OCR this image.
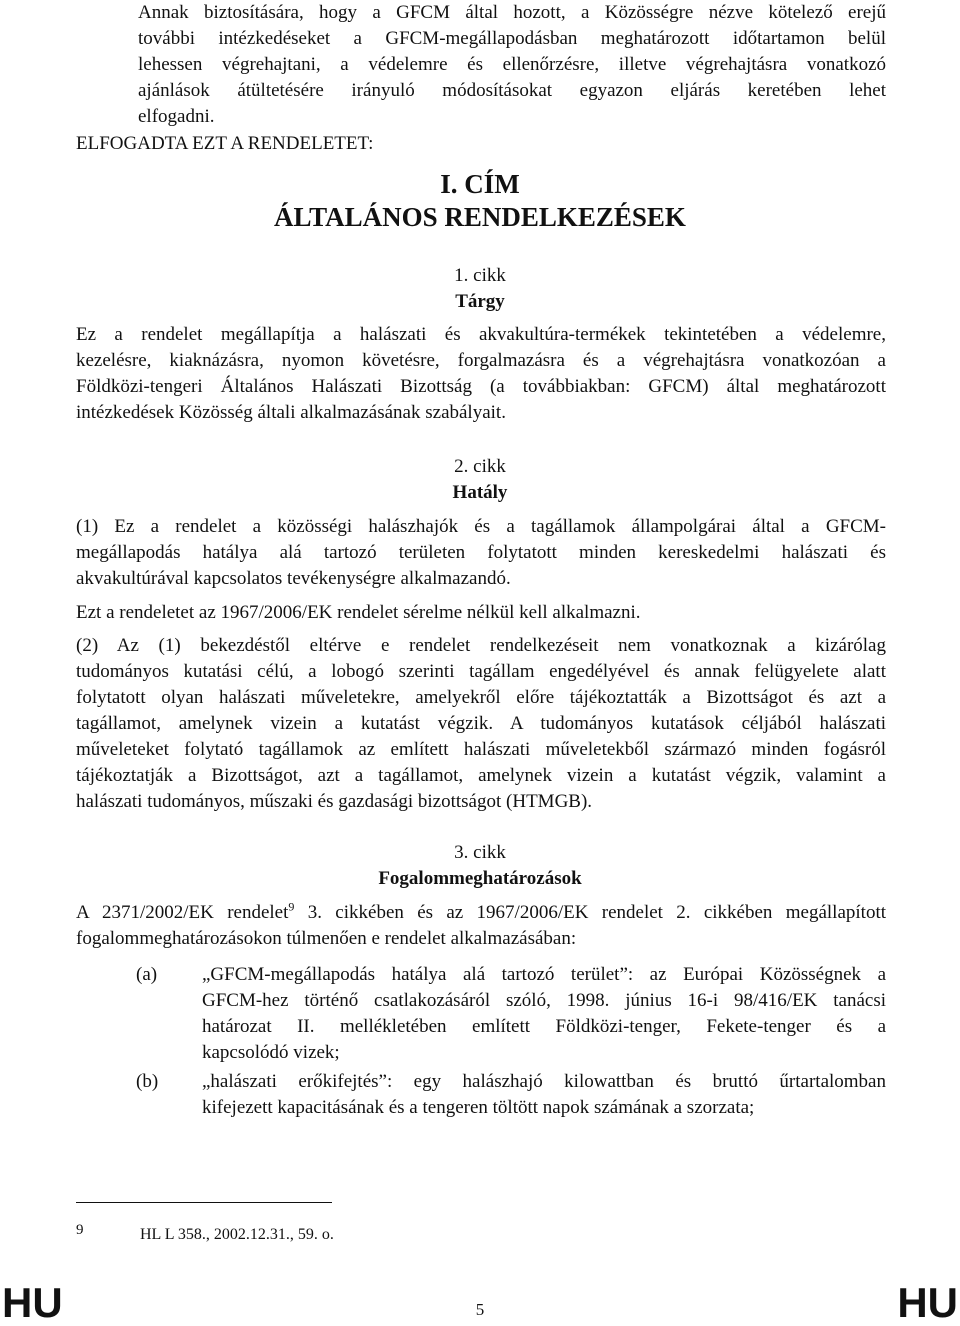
Annak biztosítására, hogy a GFCM által hozott, a Közösségre nézve kötelező erejű
további intézkedéseket a GFCM-megállapodásban meghatározott időtartamon belül
lehessen végrehajtani, a védelemre és ellenőrzésre, illetve végrehajtásra vonatkozó
ajánlások átültetésére irányuló módosításokat egyazon eljárás keretében lehet
elfogadni.
ELFOGADTA EZT A RENDELETET:
I. CÍM
ÁLTALÁNOS RENDELKEZÉSEK
1. cikk
Tárgy
Ez a rendelet megállapítja a halászati és akvakultúra-termékek tekintetében a védelemre,
kezelésre, kiaknázásra, nyomon követésre, forgalmazásra és a végrehajtásra vonatkozóan a
Földközi-tengeri Általános Halászati Bizottság (a továbbiakban: GFCM) által meghatározott
intézkedések Közösség általi alkalmazásának szabályait.
2. cikk
Hatály
(1) Ez a rendelet a közösségi halászhajók és a tagállamok állampolgárai által a GFCM-
megállapodás hatálya alá tartozó területen folytatott minden kereskedelmi halászati és
akvakultúrával kapcsolatos tevékenységre alkalmazandó.
Ezt a rendeletet az 1967/2006/EK rendelet sérelme nélkül kell alkalmazni.
(2) Az (1) bekezdéstől eltérve e rendelet rendelkezéseit nem vonatkoznak a kizárólag
tudományos kutatási célú, a lobogó szerinti tagállam engedélyével és annak felügyelete alatt
folytatott olyan halászati műveletekre, amelyekről előre tájékoztatták a Bizottságot és azt a
tagállamot, amelynek vizein a kutatást végzik. A tudományos kutatások céljából halászati
műveleteket folytató tagállamok az említett halászati műveletekből származó minden fogásról
tájékoztatják a Bizottságot, azt a tagállamot, amelynek vizein a kutatást végzik, valamint a
halászati tudományos, műszaki és gazdasági bizottságot (HTMGB).
3. cikk
Fogalommeghatározások
A 2371/2002/EK rendelet$^9$ 3. cikkében és az 1967/2006/EK rendelet 2. cikkében megállapított
fogalommeghatározásokon túlmenően e rendelet alkalmazásában:
(a) „GFCM-megállapodás hatálya alá tartozó terület”: az Európai Közösségnek a
GFCM-hez történő csatlakozásáról szóló, 1998. június 16-i 98/416/EK tanácsi
határozat II. mellékletében említett Földközi-tenger, Fekete-tenger és a
kapcsolódó vizek;
(b) „halászati erőkifejtés”: egy halászhajó kilowattban és bruttó űrtartalomban
kifejezett kapacitásának és a tengeren töltött napok számának a szorzata;
9	HL L 358., 2002.12.31., 59. o.
HU	5	HU
